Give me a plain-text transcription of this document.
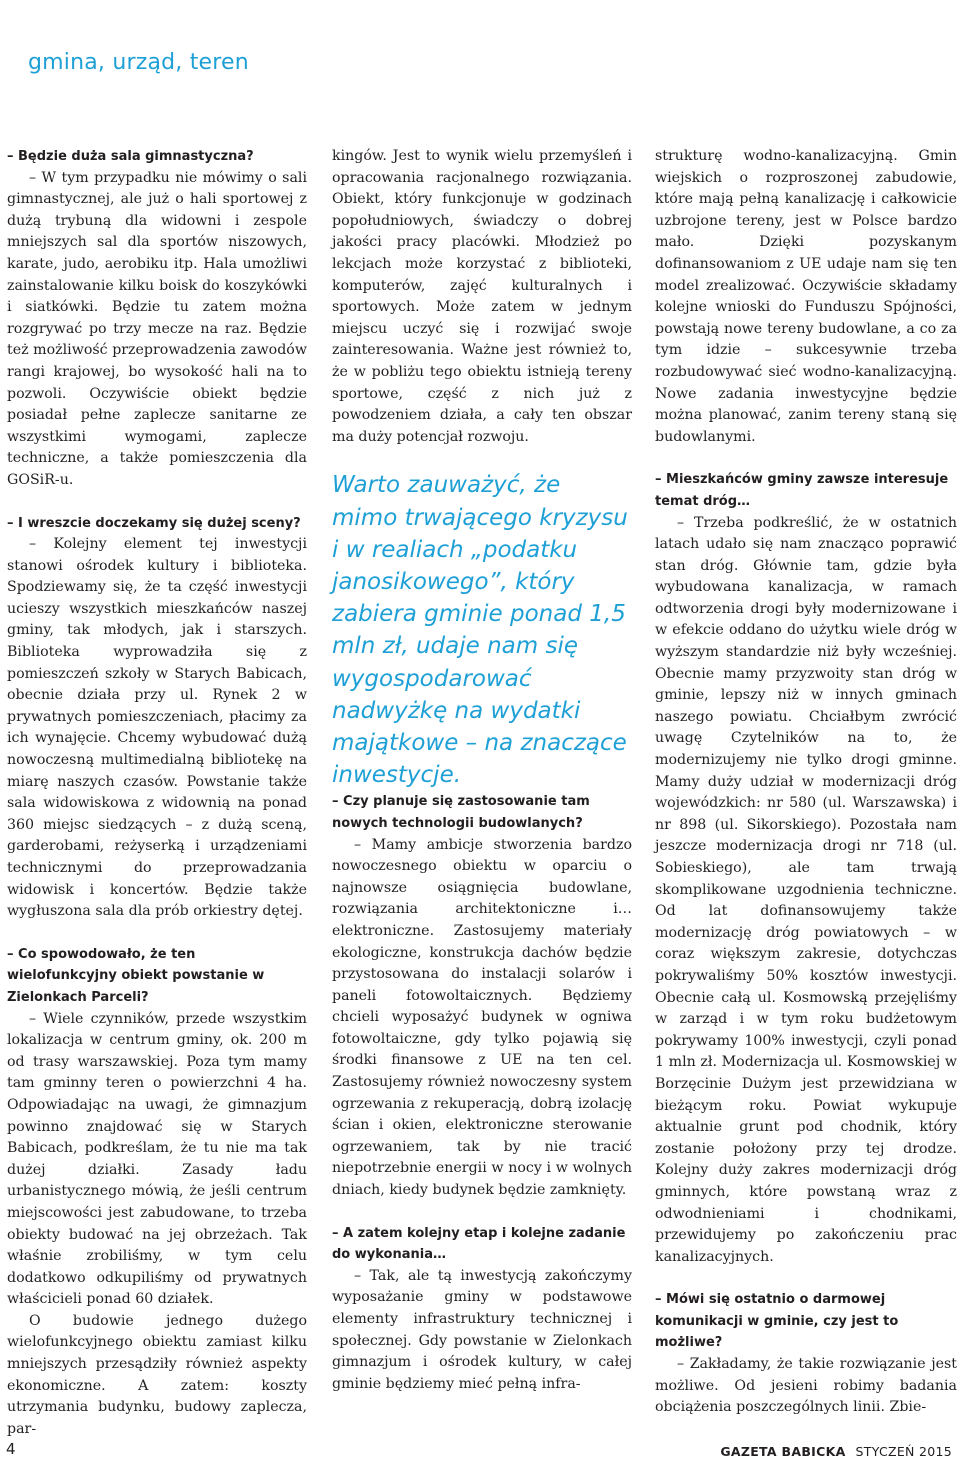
gmina, urząd, teren

– Będzie duża sala gimnastyczna?

– W tym przypadku nie mówimy o sali gimnastycznej, ale już o hali sportowej z dużą trybuną dla widowni i zespole mniejszych sal dla sportów niszowych, karate, judo, aerobiku itp. Hala umożliwi zainstalowanie kilku boisk do koszykówki i siatkówki. Będzie tu zatem można rozgrywać po trzy mecze na raz. Będzie też możliwość przeprowadzenia zawodów rangi krajowej, bo wysokość hali na to pozwoli. Oczywiście obiekt będzie posiadał pełne zaplecze sanitarne ze wszystkimi wymogami, zaplecze techniczne, a także pomieszczenia dla GOSiR-u.

– I wreszcie doczekamy się dużej sceny?

– Kolejny element tej inwestycji stanowi ośrodek kultury i biblioteka. Spodziewamy się, że ta część inwestycji ucieszy wszystkich mieszkańców naszej gminy, tak młodych, jak i starszych. Biblioteka wyprowadziła się z pomieszczeń szkoły w Starych Babicach, obecnie działa przy ul. Rynek 2 w prywatnych pomieszczeniach, płacimy za ich wynajęcie. Chcemy wybudować dużą nowoczesną multimedialną bibliotekę na miarę naszych czasów. Powstanie także sala widowiskowa z widownią na ponad 360 miejsc siedzących – z dużą sceną, garderobami, reżyserką i urządzeniami technicznymi do przeprowadzania widowisk i koncertów. Będzie także wygłuszona sala dla prób orkiestry dętej.

– Co spowodowało, że ten wielofunkcyjny obiekt powstanie w Zielonkach Parceli?

– Wiele czynników, przede wszystkim lokalizacja w centrum gminy, ok. 200 m od trasy warszawskiej. Poza tym mamy tam gminny teren o powierzchni 4 ha. Odpowiadając na uwagi, że gimnazjum powinno znajdować się w Starych Babicach, podkreślam, że tu nie ma tak dużej działki. Zasady ładu urbanistycznego mówią, że jeśli centrum miejscowości jest zabudowane, to trzeba obiekty budować na jej obrzeżach. Tak właśnie zrobiliśmy, w tym celu dodatkowo odkupiliśmy od prywatnych właścicieli ponad 60 działek.

O budowie jednego dużego wielofunkcyjnego obiektu zamiast kilku mniejszych przesądziły również aspekty ekonomiczne. A zatem: koszty utrzymania budynku, budowy zaplecza, par-

kingów. Jest to wynik wielu przemyśleń i opracowania racjonalnego rozwiązania. Obiekt, który funkcjonuje w godzinach popołudniowych, świadczy o dobrej jakości pracy placówki. Młodzież po lekcjach może korzystać z biblioteki, komputerów, zajęć kulturalnych i sportowych. Może zatem w jednym miejscu uczyć się i rozwijać swoje zainteresowania. Ważne jest również to, że w pobliżu tego obiektu istnieją tereny sportowe, część z nich już z powodzeniem działa, a cały ten obszar ma duży potencjał rozwoju.

Warto zauważyć, że mimo trwającego kryzysu i w realiach „podatku janosikowego”, który zabiera gminie ponad 1,5 mln zł, udaje nam się wygospodarować nadwyżkę na wydatki majątkowe – na znaczące inwestycje.

– Czy planuje się zastosowanie tam nowych technologii budowlanych?

– Mamy ambicje stworzenia bardzo nowoczesnego obiektu w oparciu o najnowsze osiągnięcia budowlane, rozwiązania architektoniczne i… elektroniczne. Zastosujemy materiały ekologiczne, konstrukcja dachów będzie przystosowana do instalacji solarów i paneli fotowoltaicznych. Będziemy chcieli wyposażyć budynek w ogniwa fotowoltaiczne, gdy tylko pojawią się środki finansowe z UE na ten cel. Zastosujemy również nowoczesny system ogrzewania z rekuperacją, dobrą izolację ścian i okien, elektroniczne sterowanie ogrzewaniem, tak by nie tracić niepotrzebnie energii w nocy i w wolnych dniach, kiedy budynek będzie zamknięty.

– A zatem kolejny etap i kolejne zadanie do wykonania…

– Tak, ale tą inwestycją zakończymy wyposażanie gminy w podstawowe elementy infrastruktury technicznej i społecznej. Gdy powstanie w Zielonkach gimnazjum i ośrodek kultury, w całej gminie będziemy mieć pełną infra-

strukturę wodno-kanalizacyjną. Gmin wiejskich o rozproszonej zabudowie, które mają pełną kanalizację i całkowicie uzbrojone tereny, jest w Polsce bardzo mało. Dzięki pozyskanym dofinansowaniom z UE udaje nam się ten model zrealizować. Oczywiście składamy kolejne wnioski do Funduszu Spójności, powstają nowe tereny budowlane, a co za tym idzie – sukcesywnie trzeba rozbudowywać sieć wodno-kanalizacyjną. Nowe zadania inwestycyjne będzie można planować, zanim tereny staną się budowlanymi.

– Mieszkańców gminy zawsze interesuje temat dróg…

– Trzeba podkreślić, że w ostatnich latach udało się nam znacząco poprawić stan dróg. Głównie tam, gdzie była wybudowana kanalizacja, w ramach odtworzenia drogi były modernizowane i w efekcie oddano do użytku wiele dróg w wyższym standardzie niż były wcześniej. Obecnie mamy przyzwoity stan dróg w gminie, lepszy niż w innych gminach naszego powiatu. Chciałbym zwrócić uwagę Czytelników na to, że modernizujemy nie tylko drogi gminne. Mamy duży udział w modernizacji dróg wojewódzkich: nr 580 (ul. Warszawska) i nr 898 (ul. Sikorskiego). Pozostała nam jeszcze modernizacja drogi nr 718 (ul. Sobieskiego), ale tam trwają skomplikowane uzgodnienia techniczne. Od lat dofinansowujemy także modernizację dróg powiatowych – w coraz większym zakresie, dotychczas pokrywaliśmy 50% kosztów inwestycji. Obecnie całą ul. Kosmowską przejęliśmy w zarząd i w tym roku budżetowym pokrywamy 100% inwestycji, czyli ponad 1 mln zł. Modernizacja ul. Kosmowskiej w Borzęcinie Dużym jest przewidziana w bieżącym roku. Powiat wykupuje aktualnie grunt pod chodnik, który zostanie położony przy tej drodze. Kolejny duży zakres modernizacji dróg gminnych, które powstaną wraz z odwodnieniami i chodnikami, przewidujemy po zakończeniu prac kanalizacyjnych.

– Mówi się ostatnio o darmowej komunikacji w gminie, czy jest to możliwe?

– Zakładamy, że takie rozwiązanie jest możliwe. Od jesieni robimy badania obciążenia poszczególnych linii. Zbie-

4	GAZETA BABICKA STYCZEŃ 2015
